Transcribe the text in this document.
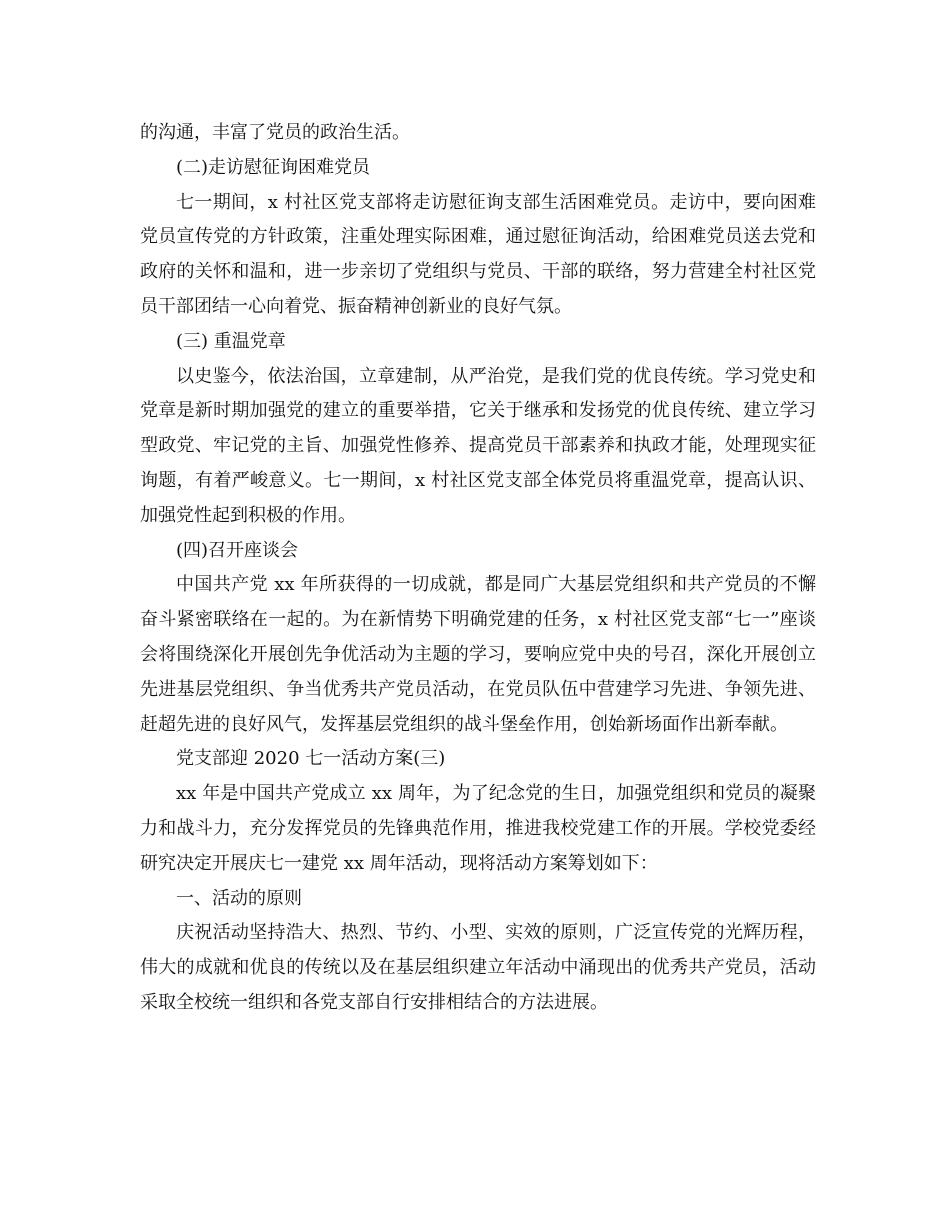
的沟通，丰富了党员的政治生活。

(二)走访慰征询困难党员

七一期间，x 村社区党支部将走访慰征询支部生活困难党员。走访中，要向困难党员宣传党的方针政策，注重处理实际困难，通过慰征询活动，给困难党员送去党和政府的关怀和温和，进一步亲切了党组织与党员、干部的联络，努力营建全村社区党员干部团结一心向着党、振奋精神创新业的良好气氛。

(三) 重温党章

以史鉴今，依法治国，立章建制，从严治党，是我们党的优良传统。学习党史和党章是新时期加强党的建立的重要举措，它关于继承和发扬党的优良传统、建立学习型政党、牢记党的主旨、加强党性修养、提高党员干部素养和执政才能，处理现实征询题，有着严峻意义。七一期间，x 村社区党支部全体党员将重温党章，提高认识、加强党性起到积极的作用。

(四)召开座谈会

中国共产党 xx 年所获得的一切成就，都是同广大基层党组织和共产党员的不懈奋斗紧密联络在一起的。为在新情势下明确党建的任务，x 村社区党支部“七一”座谈会将围绕深化开展创先争优活动为主题的学习，要响应党中央的号召，深化开展创立先进基层党组织、争当优秀共产党员活动，在党员队伍中营建学习先进、争领先进、赶超先进的良好风气，发挥基层党组织的战斗堡垒作用，创始新场面作出新奉献。

党支部迎 2020 七一活动方案(三)

xx 年是中国共产党成立 xx 周年，为了纪念党的生日，加强党组织和党员的凝聚力和战斗力，充分发挥党员的先锋典范作用，推进我校党建工作的开展。学校党委经研究决定开展庆七一建党 xx 周年活动，现将活动方案筹划如下：

一、活动的原则

庆祝活动坚持浩大、热烈、节约、小型、实效的原则，广泛宣传党的光辉历程，伟大的成就和优良的传统以及在基层组织建立年活动中涌现出的优秀共产党员，活动采取全校统一组织和各党支部自行安排相结合的方法进展。
